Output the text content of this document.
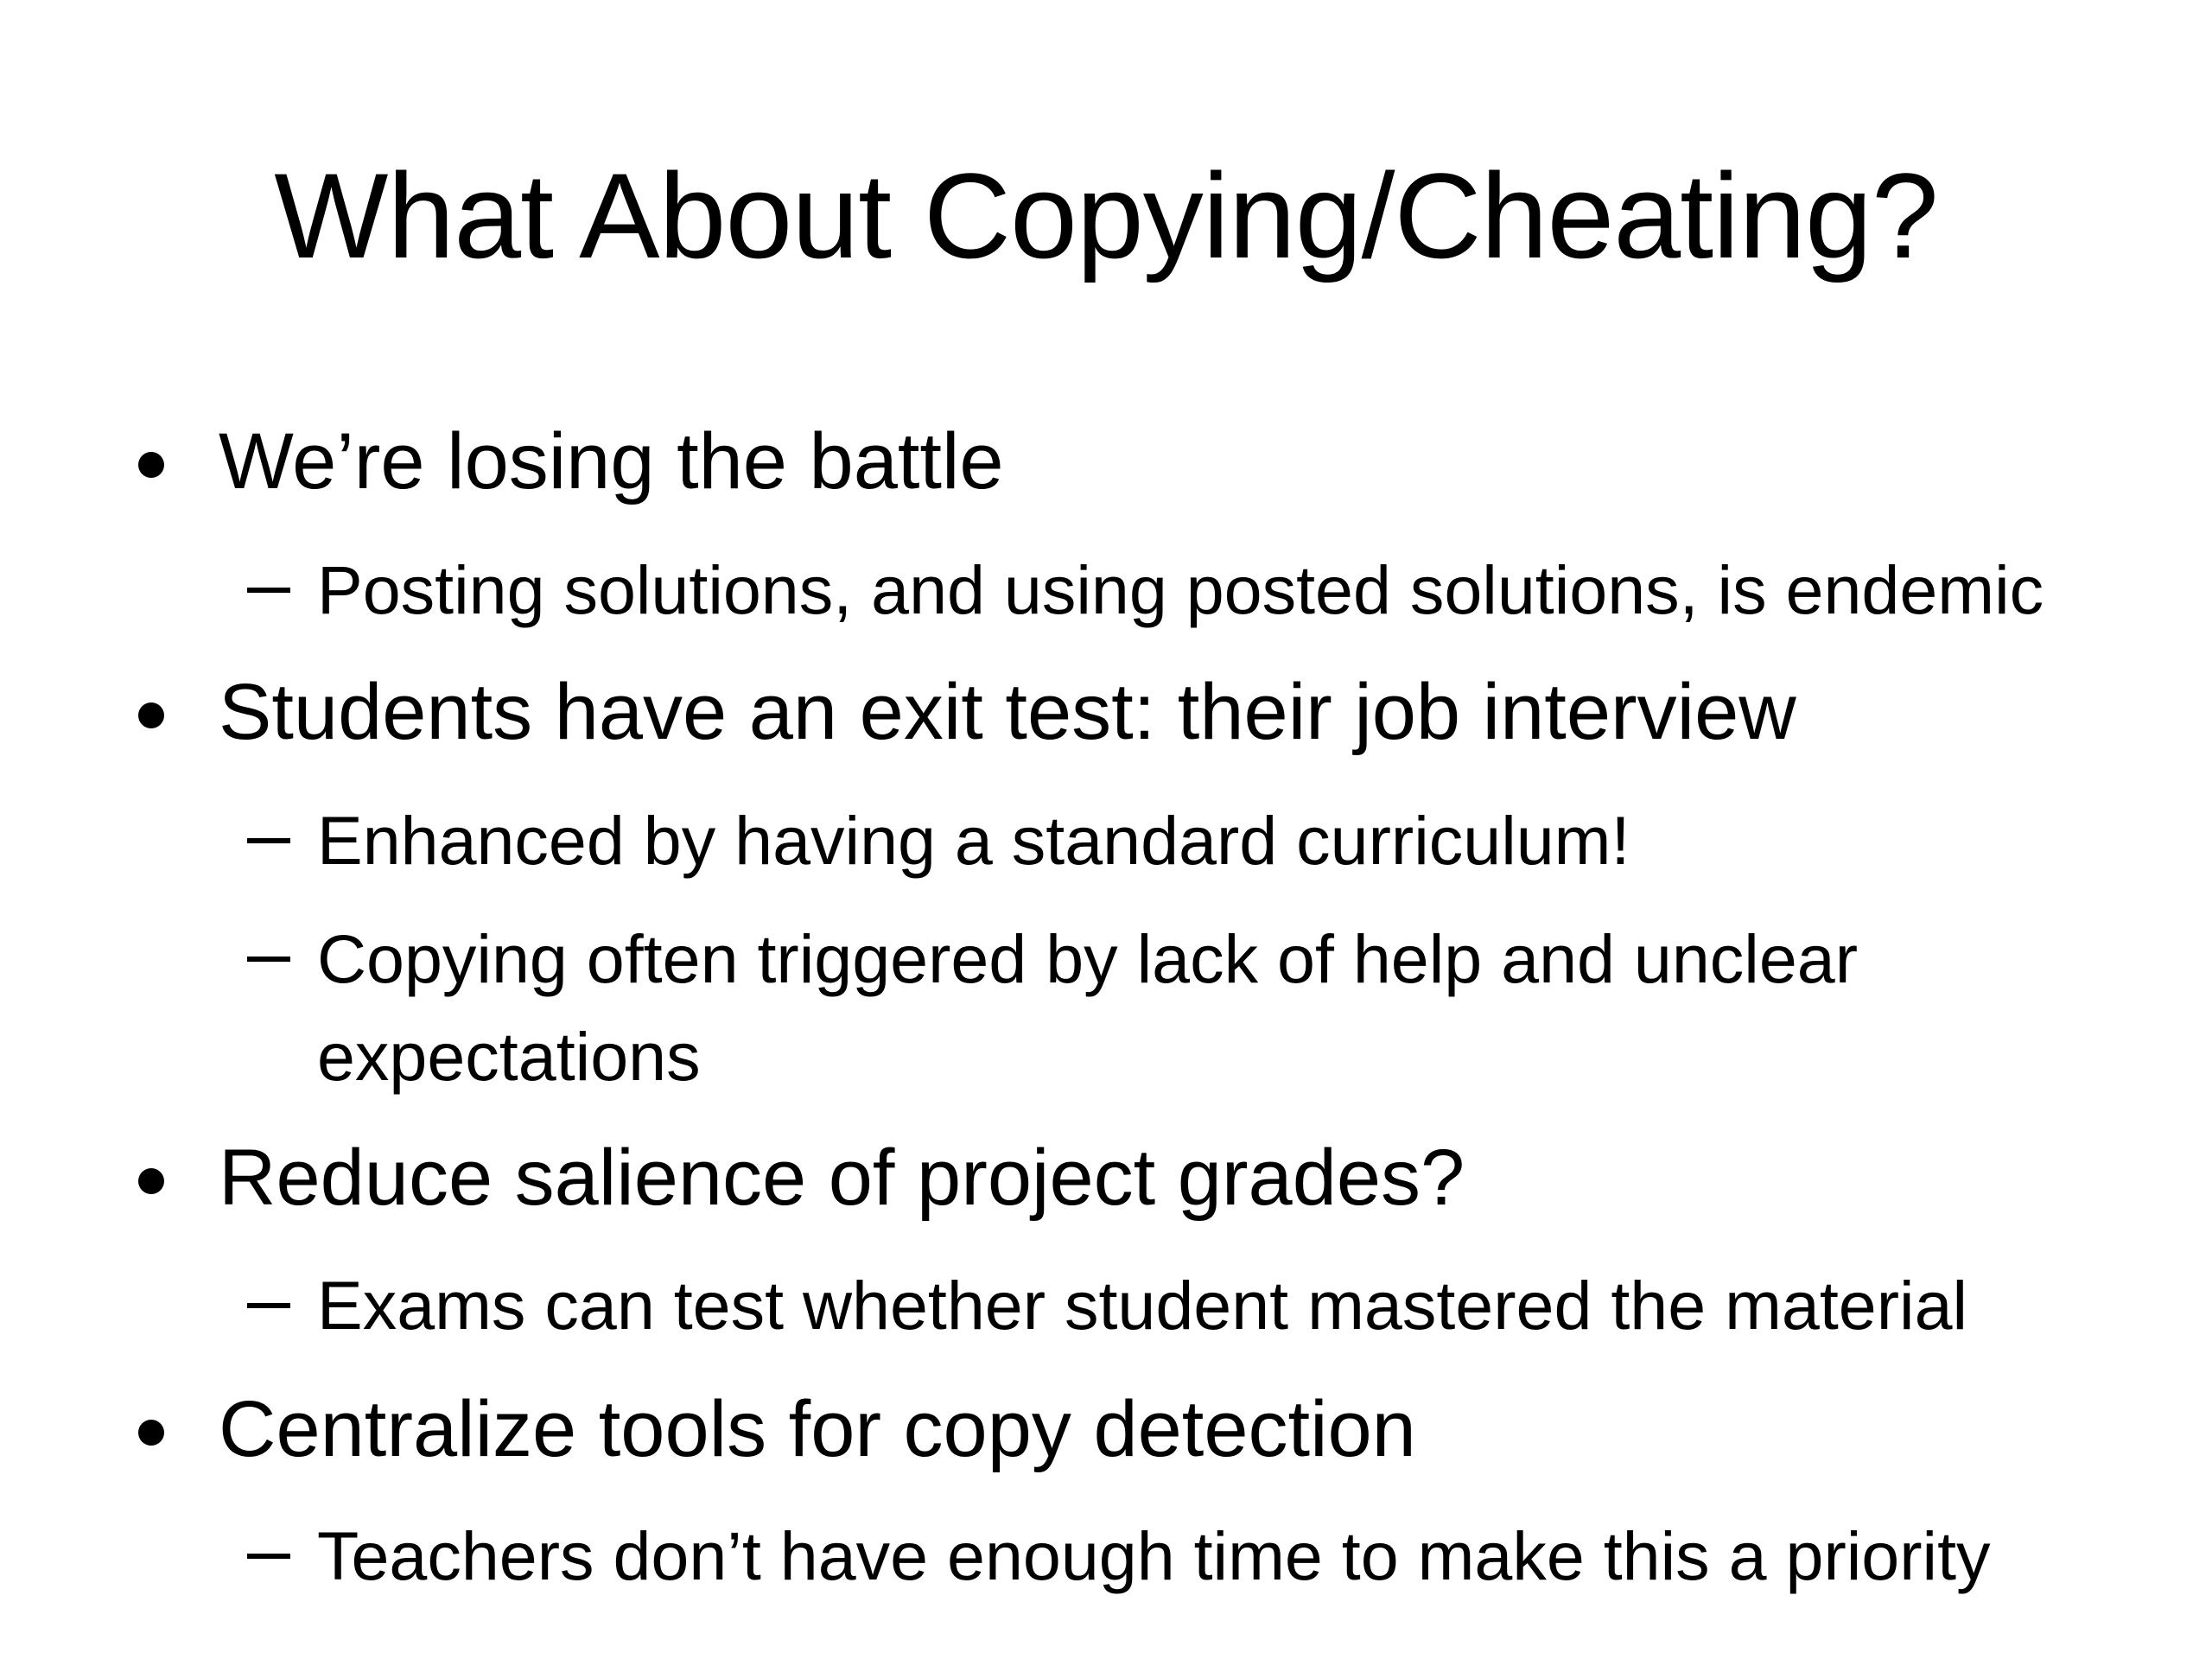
What About Copying/Cheating?
We’re losing the battle
Posting solutions, and using posted solutions, is endemic
Students have an exit test: their job interview
Enhanced by having a standard curriculum!
Copying often triggered by lack of help and unclear
expectations
Reduce salience of project grades?
Exams can test whether student mastered the material
Centralize tools for copy detection
Teachers don’t have enough time to make this a priority
